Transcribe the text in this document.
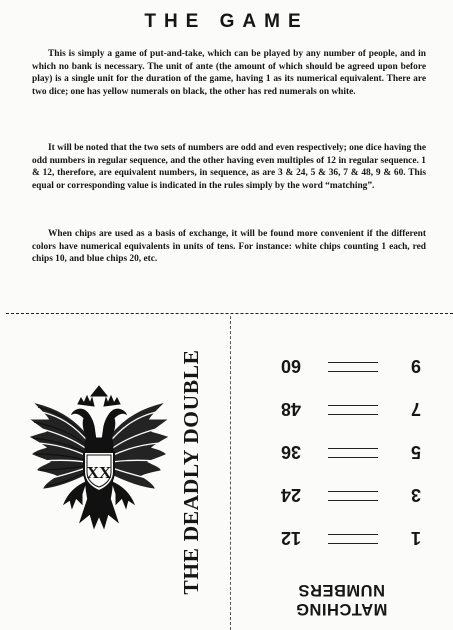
THE GAME

This is simply a game of put-and-take, which can be played by any number of people, and in which no bank is necessary. The unit of ante (the amount of which should be agreed upon before play) is a single unit for the duration of the game, having 1 as its numerical equivalent. There are two dice; one has yellow numerals on black, the other has red numerals on white.

It will be noted that the two sets of numbers are odd and even respectively; one dice having the odd numbers in regular sequence, and the other having even multiples of 12 in regular sequence. 1 & 12, therefore, are equivalent numbers, in sequence, as are 3 & 24, 5 & 36, 7 & 48, 9 & 60. This equal or corresponding value is indicated in the rules simply by the word “matching”.

When chips are used as a basis of exchange, it will be found more convenient if the different colors have numerical equivalents in units of tens. For instance: white chips counting 1 each, red chips 10, and blue chips 20, etc.

XX	THE DEADLY DOUBLE
MATCHING
NUMBERS
1
12
3
24
5
36
7
48
9
60
